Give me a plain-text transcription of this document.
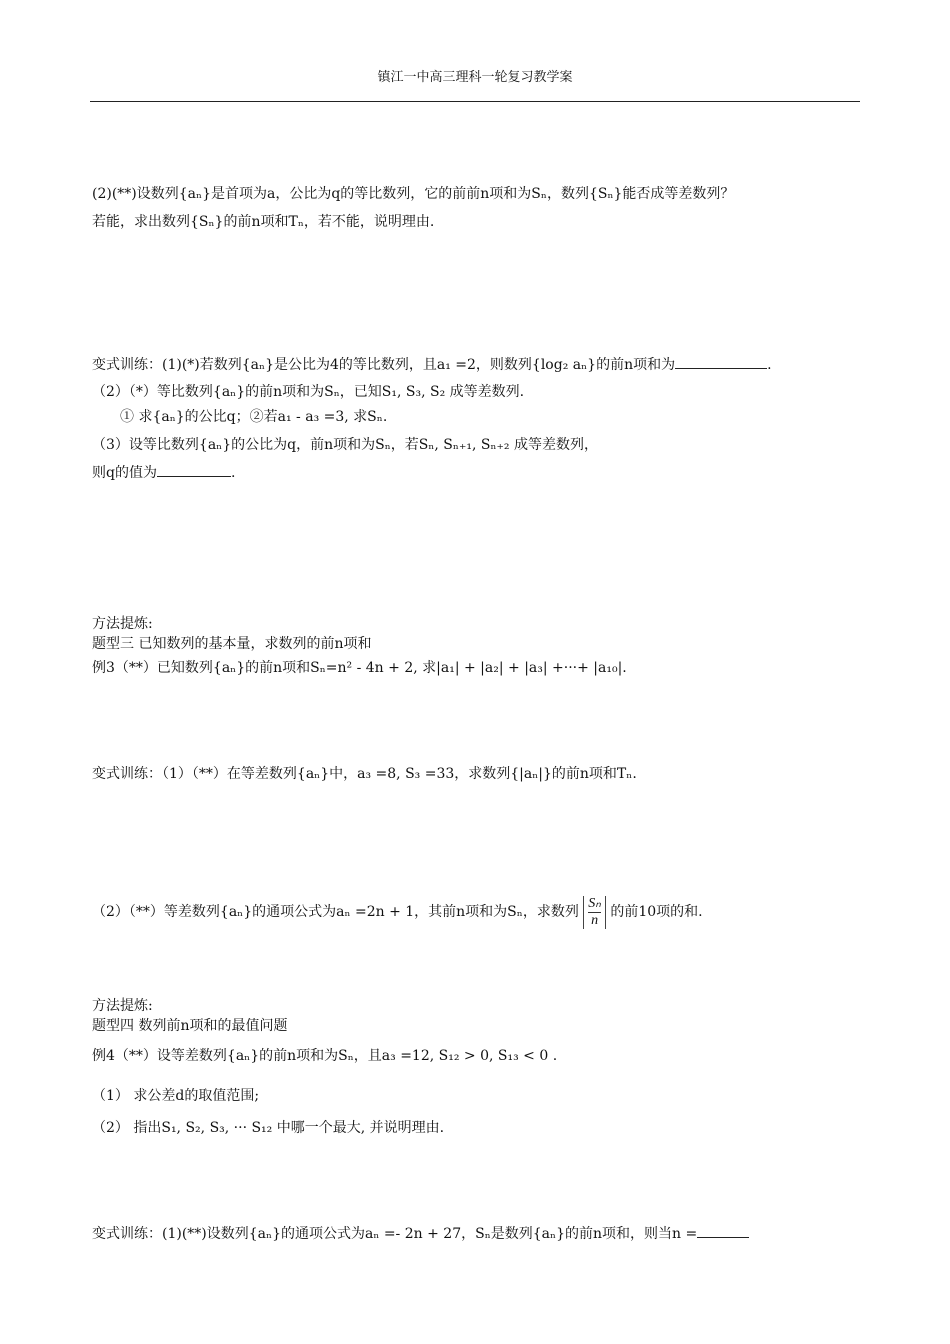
镇江一中高三理科一轮复习教学案
(2)(**)设数列{aₙ}是首项为a，公比为q的等比数列，它的前前n项和为Sₙ，数列{Sₙ}能否成等差数列？
若能，求出数列{Sₙ}的前n项和Tₙ，若不能，说明理由.
变式训练：(1)(*)若数列{aₙ}是公比为4的等比数列，且a₁ =2，则数列{log₂ aₙ}的前n项和为	.
（2）（*）等比数列{aₙ}的前n项和为Sₙ，已知S₁, S₃, S₂ 成等差数列.
① 求{aₙ}的公比q；②若a₁ - a₃ =3, 求Sₙ.
（3）设等比数列{aₙ}的公比为q，前n项和为Sₙ，若Sₙ, Sₙ₊₁, Sₙ₊₂ 成等差数列，
则q的值为	.
方法提炼:
题型三 已知数列的基本量，求数列的前n项和
例3（**）已知数列{aₙ}的前n项和Sₙ=n² - 4n + 2, 求|a₁| + |a₂| + |a₃| +···+ |a₁₀|.
变式训练：（1）（**）在等差数列{aₙ}中，a₃ =8, S₃ =33，求数列{|aₙ|}的前n项和Tₙ.
（2）（**）等差数列{aₙ}的通项公式为aₙ =2n + 1，其前n项和为Sₙ，求数列 $\frac{\text{Sₙ}}{n}$ 的前10项的和.
方法提炼:
题型四 数列前n项和的最值问题
例4（**）设等差数列{aₙ}的前n项和为Sₙ，且a₃ =12, S₁₂ > 0, S₁₃ < 0 .
（1） 求公差d的取值范围;
（2） 指出S₁, S₂, S₃, ··· S₁₂ 中哪一个最大, 并说明理由.
变式训练：(1)(**)设数列{aₙ}的通项公式为aₙ =- 2n + 27，Sₙ是数列{aₙ}的前n项和，则当n =
